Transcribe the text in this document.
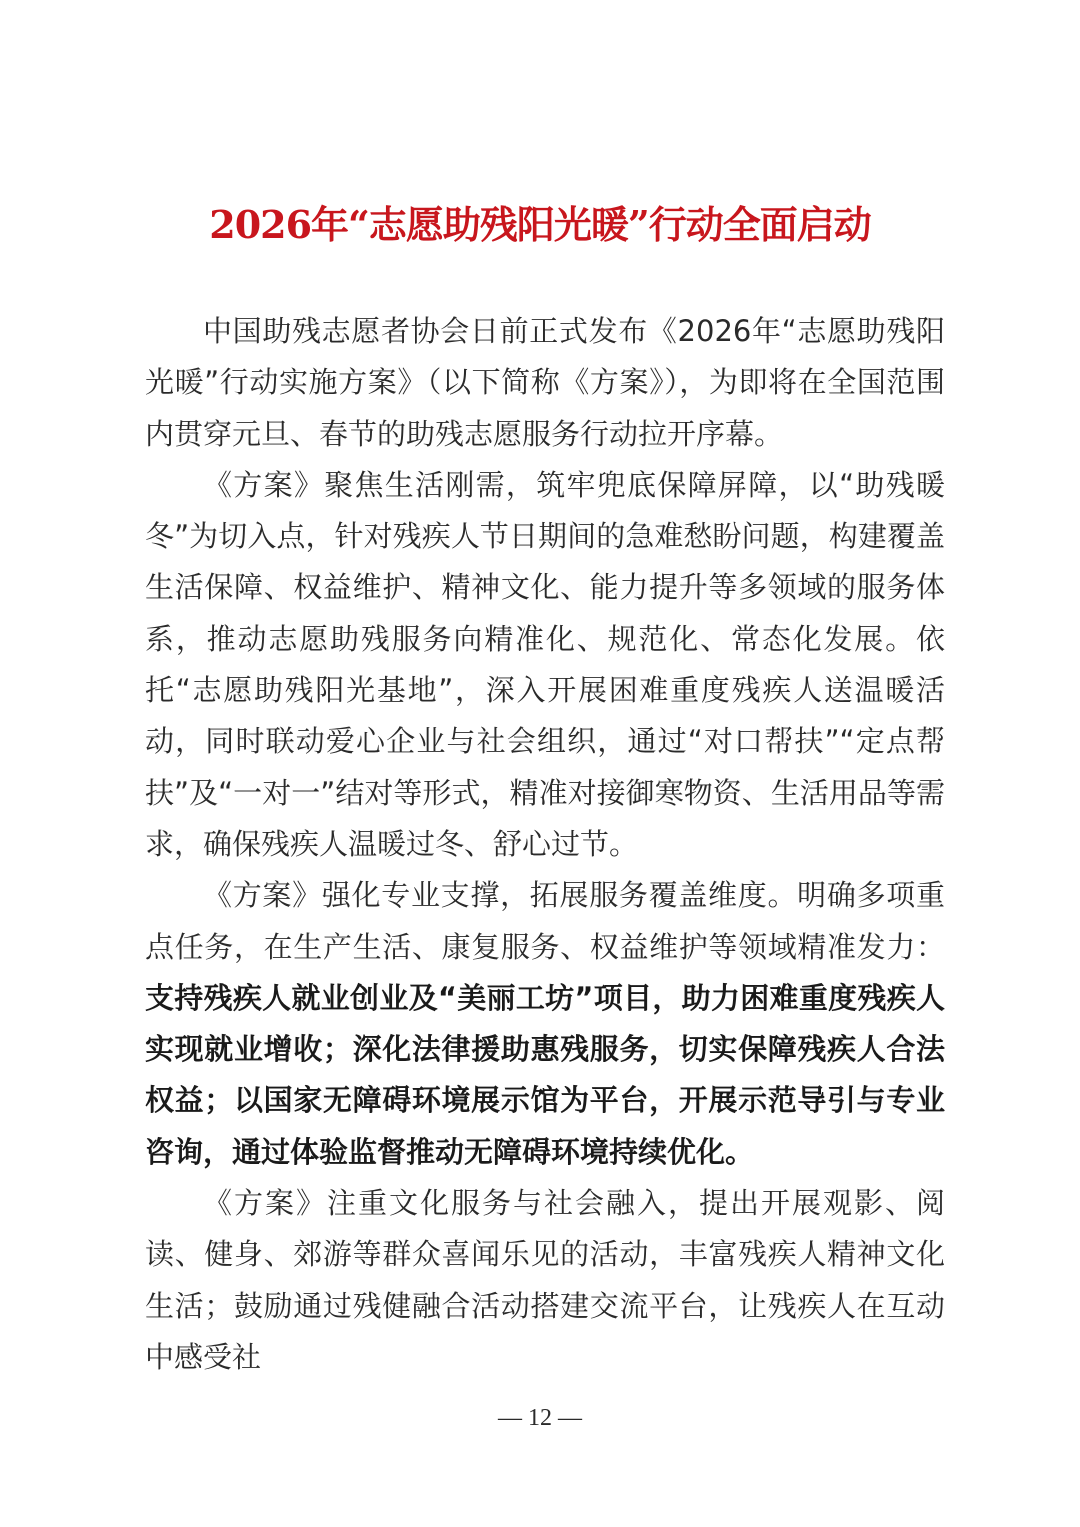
2026年“志愿助残阳光暖”行动全面启动

中国助残志愿者协会日前正式发布《2026年“志愿助残阳光暖”行动实施方案》（以下简称《方案》），为即将在全国范围内贯穿元旦、春节的助残志愿服务行动拉开序幕。

《方案》聚焦生活刚需，筑牢兜底保障屏障，以“助残暖冬”为切入点，针对残疾人节日期间的急难愁盼问题，构建覆盖生活保障、权益维护、精神文化、能力提升等多领域的服务体系，推动志愿助残服务向精准化、规范化、常态化发展。依托“志愿助残阳光基地”，深入开展困难重度残疾人送温暖活动，同时联动爱心企业与社会组织，通过“对口帮扶”“定点帮扶”及“一对一”结对等形式，精准对接御寒物资、生活用品等需求，确保残疾人温暖过冬、舒心过节。

《方案》强化专业支撑，拓展服务覆盖维度。明确多项重点任务，在生产生活、康复服务、权益维护等领域精准发力：支持残疾人就业创业及“美丽工坊”项目，助力困难重度残疾人实现就业增收；深化法律援助惠残服务，切实保障残疾人合法权益；以国家无障碍环境展示馆为平台，开展示范导引与专业咨询，通过体验监督推动无障碍环境持续优化。

《方案》注重文化服务与社会融入，提出开展观影、阅读、健身、郊游等群众喜闻乐见的活动，丰富残疾人精神文化生活；鼓励通过残健融合活动搭建交流平台，让残疾人在互动中感受社

— 12 —
